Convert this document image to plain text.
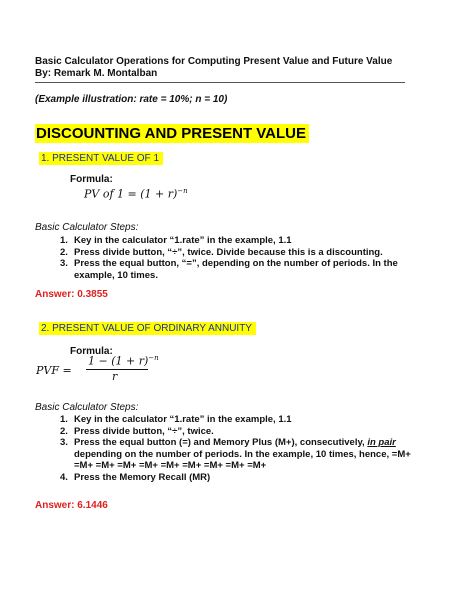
Basic Calculator Operations for Computing Present Value and Future Value
By: Remark M. Montalban
(Example illustration: rate = 10%; n = 10)
DISCOUNTING AND PRESENT VALUE
1. PRESENT VALUE OF 1
Formula:
PV of $1 = (1 + r)^{-n}$
Basic Calculator Steps:
1. Key in the calculator “1.rate” in the example, 1.1
2. Press divide button, “÷”, twice. Divide because this is a discounting.
3. Press the equal button, “=”, depending on the number of periods. In the example, 10 times.
Answer: 0.3855
2. PRESENT VALUE OF ORDINARY ANNUITY
Formula:
PVF =
$1 - (1 + r)^{-n}$
r
Basic Calculator Steps:
1. Key in the calculator “1.rate” in the example, 1.1
2. Press divide button, “÷”, twice.
3. Press the equal button (=) and Memory Plus (M+), consecutively, in pair depending on the number of periods. In the example, 10 times, hence, =M+ =M+ =M+ =M+ =M+ =M+ =M+ =M+ =M+ =M+
4. Press the Memory Recall (MR)
Answer: 6.1446
